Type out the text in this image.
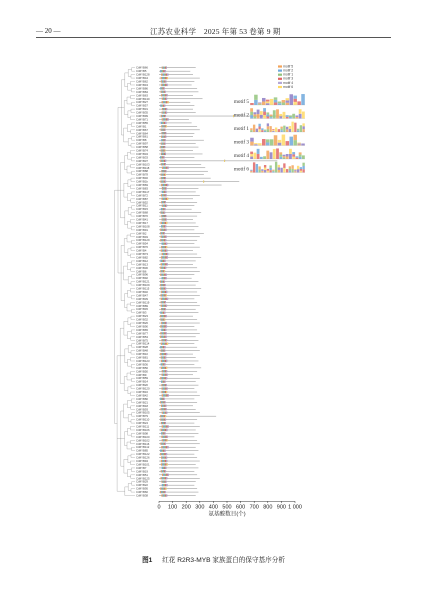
— 20 —	江苏农业科学　2025 年第 53 卷第 9 期
CtMYB66
CtMYB5
CtMYB128
CtMYB44
CtMYB62
CtMYB43
CtMYB86
CtMYB84
CtMYB63
CtMYB130
CtMYB27
CtMYB57
CtMYB31
CtMYB35
CtMYB99
CtMYB71
CtMYB55
CtMYB1
CtMYB67
CtMYB64
CtMYB61
CtMYB8
CtMYB97
CtMYB58
CtMYB74
CtMYB34
CtMYB33
CtMYB37
CtMYB103
CtMYB118
CtMYB88
CtMYB78
CtMYB46
CtMYB1b
CtMYB69
CtMYB83
CtMYB117
CtMYB72
CtMYB87
CtMYB52
CtMYB11
CtMYB15
CtMYB68
CtMYB70
CtMYB41
CtMYB17
CtMYB108
CtMYB91
CtMYB2
CtMYB49
CtMYB129
CtMYB54
CtMYB76
CtMYB4
CtMYB73
CtMYB82
CtMYB12
CtMYB13
CtMYB30
CtMYB6
CtMYB96
CtMYB92
CtMYB121
CtMYB109
CtMYB115
CtMYB40
CtMYB47
CtMYB39
CtMYB119
CtMYB89
CtMYB45
CtMYB3
CtMYB23
CtMYB32
CtMYB26
CtMYB90
CtMYB65
CtMYB77
CtMYB53
CtMYB75
CtMYB114
CtMYB28
CtMYB48
CtMYB10
CtMYB81
CtMYB123
CtMYB36
CtMYB56
CtMYB50
CtMYB9
CtMYB59
CtMYB14
CtMYB20
CtMYB120
CtMYB16
CtMYB42
CtMYB80
CtMYB21
CtMYB18
CtMYB93
CtMYB105
CtMYB79
CtMYB110
CtMYB24
CtMYB111
CtMYB106
CtMYB98
CtMYB100
CtMYB102
CtMYB116
CtMYB112
CtMYB85
CtMYB122
CtMYB126
CtMYB94
CtMYB101
CtMYB7
CtMYB19
CtMYB51
CtMYB125
CtMYB29
CtMYB22
CtMYB95
CtMYB60
CtMYB38
motif 5
motif 2
motif 1
motif 3
motif 4
motif 6
motif 5
motif 2
motif 1
motif 3
motif 4
motif 6
0 100 200 300 400 500 600 700 800 900 1 000
氨基酸数目(个)
图1 红花 R2R3-MYB 家族蛋白的保守基序分析
